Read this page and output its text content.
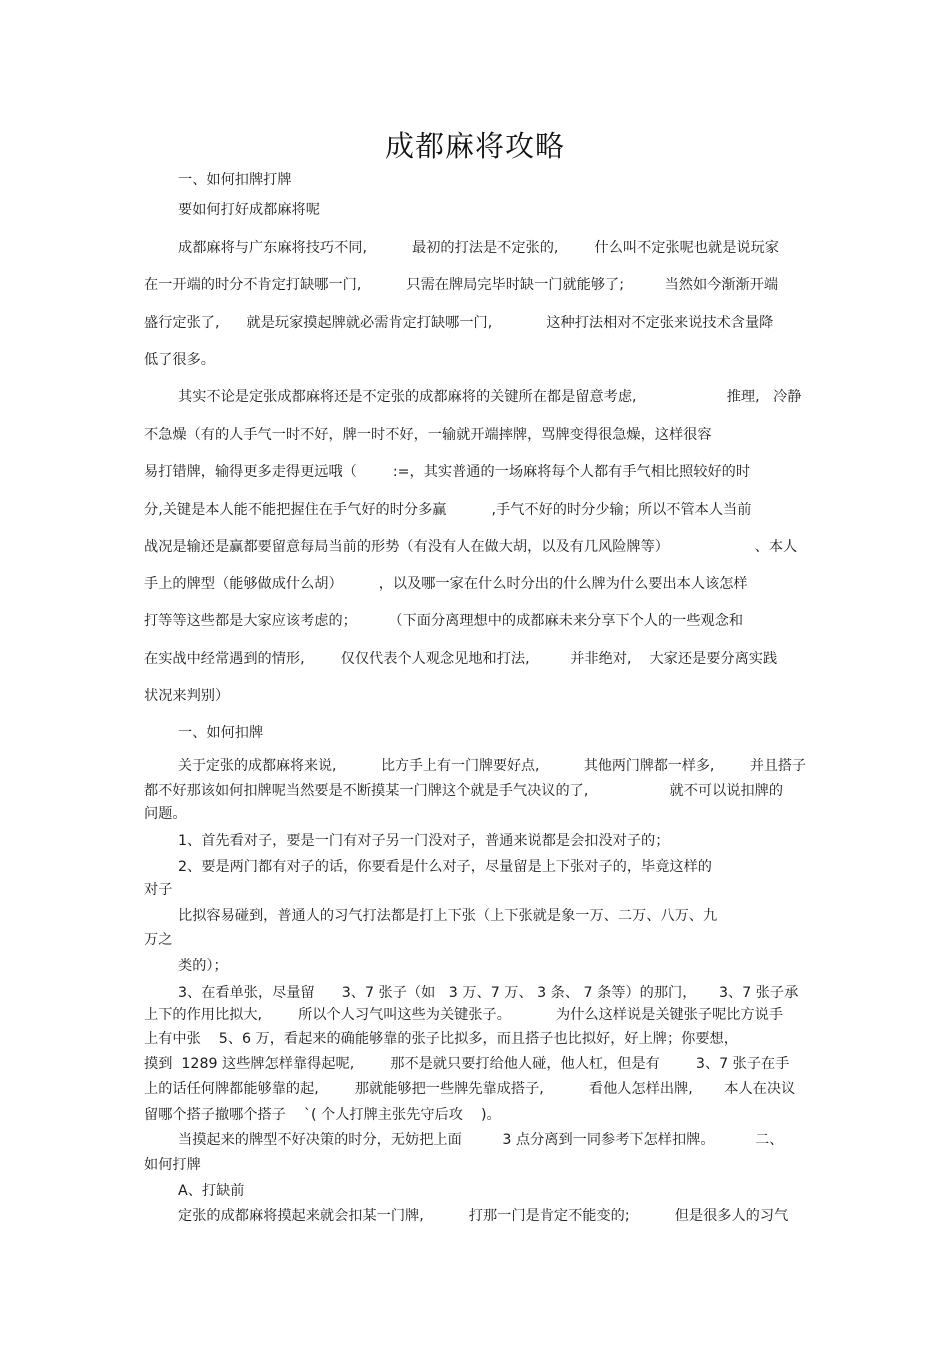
成都麻将攻略
一、如何扣牌打牌
要如何打好成都麻将呢
成都麻将与广东麻将技巧不同,          最初的打法是不定张的,        什么叫不定张呢也就是说玩家
在一开端的时分不肯定打缺哪一门,          只需在牌局完毕时缺一门就能够了;         当然如今渐渐开端
盛行定张了,      就是玩家摸起牌就必需肯定打缺哪一门,            这种打法相对不定张来说技术含量降
低了很多。
其实不论是定张成都麻将还是不定张的成都麻将的关键所在都是留意考虑,                    推理,   冷静
不急燥（有的人手气一时不好，牌一时不好，一输就开端摔牌，骂牌变得很急燥，这样很容
易打错牌，输得更多走得更远哦（        :=，其实普通的一场麻将每个人都有手气相比照较好的时
分,关键是本人能不能把握住在手气好的时分多赢          ,手气不好的时分少输；所以不管本人当前
战况是输还是赢都要留意每局当前的形势（有没有人在做大胡，以及有几风险牌等）                   、本人
手上的牌型（能够做成什么胡）        ，以及哪一家在什么时分出的什么牌为什么要出本人该怎样
打等等这些都是大家应该考虑的；       （下面分离理想中的成都麻未来分享下个人的一些观念和
在实战中经常遇到的情形,        仅仅代表个人观念见地和打法,         并非绝对,    大家还是要分离实践
状况来判别）
一、如何扣牌
关于定张的成都麻将来说,          比方手上有一门牌要好点,          其他两门牌都一样多,        并且搭子
都不好那该如何扣牌呢当然要是不断摸某一门牌这个就是手气决议的了,                  就不可以说扣牌的
问题。
1、首先看对子，要是一门有对子另一门没对子，普通来说都是会扣没对子的；
2、要是两门都有对子的话，你要看是什么对子，尽量留是上下张对子的，毕竟这样的
对子
比拟容易碰到，普通人的习气打法都是打上下张（上下张就是象一万、二万、八万、九
万之
类的）；
3、在看单张，尽量留      3、7 张子（如   3 万、7 万、 3 条、 7 条等）的那门，     3、7 张子承
上下的作用比拟大,        所以个人习气叫这些为关键张子。          为什么这样说是关键张子呢比方说手
上有中张    5、6 万，看起来的确能够靠的张子比拟多，而且搭子也比拟好，好上牌；你要想，
摸到  1289 这些牌怎样靠得起呢,        那不是就只要打给他人碰，他人杠，但是有        3、7 张子在手
上的话任何牌都能够靠的起,        那就能够把一些牌先靠成搭子,          看他人怎样出牌,       本人在决议
留哪个搭子撤哪个搭子    `( 个人打牌主张先守后攻    )。
当摸起来的牌型不好决策的时分，无妨把上面         3 点分离到一同参考下怎样扣牌。         二、
如何打牌
A、打缺前
定张的成都麻将摸起来就会扣某一门牌,          打那一门是肯定不能变的;          但是很多人的习气
